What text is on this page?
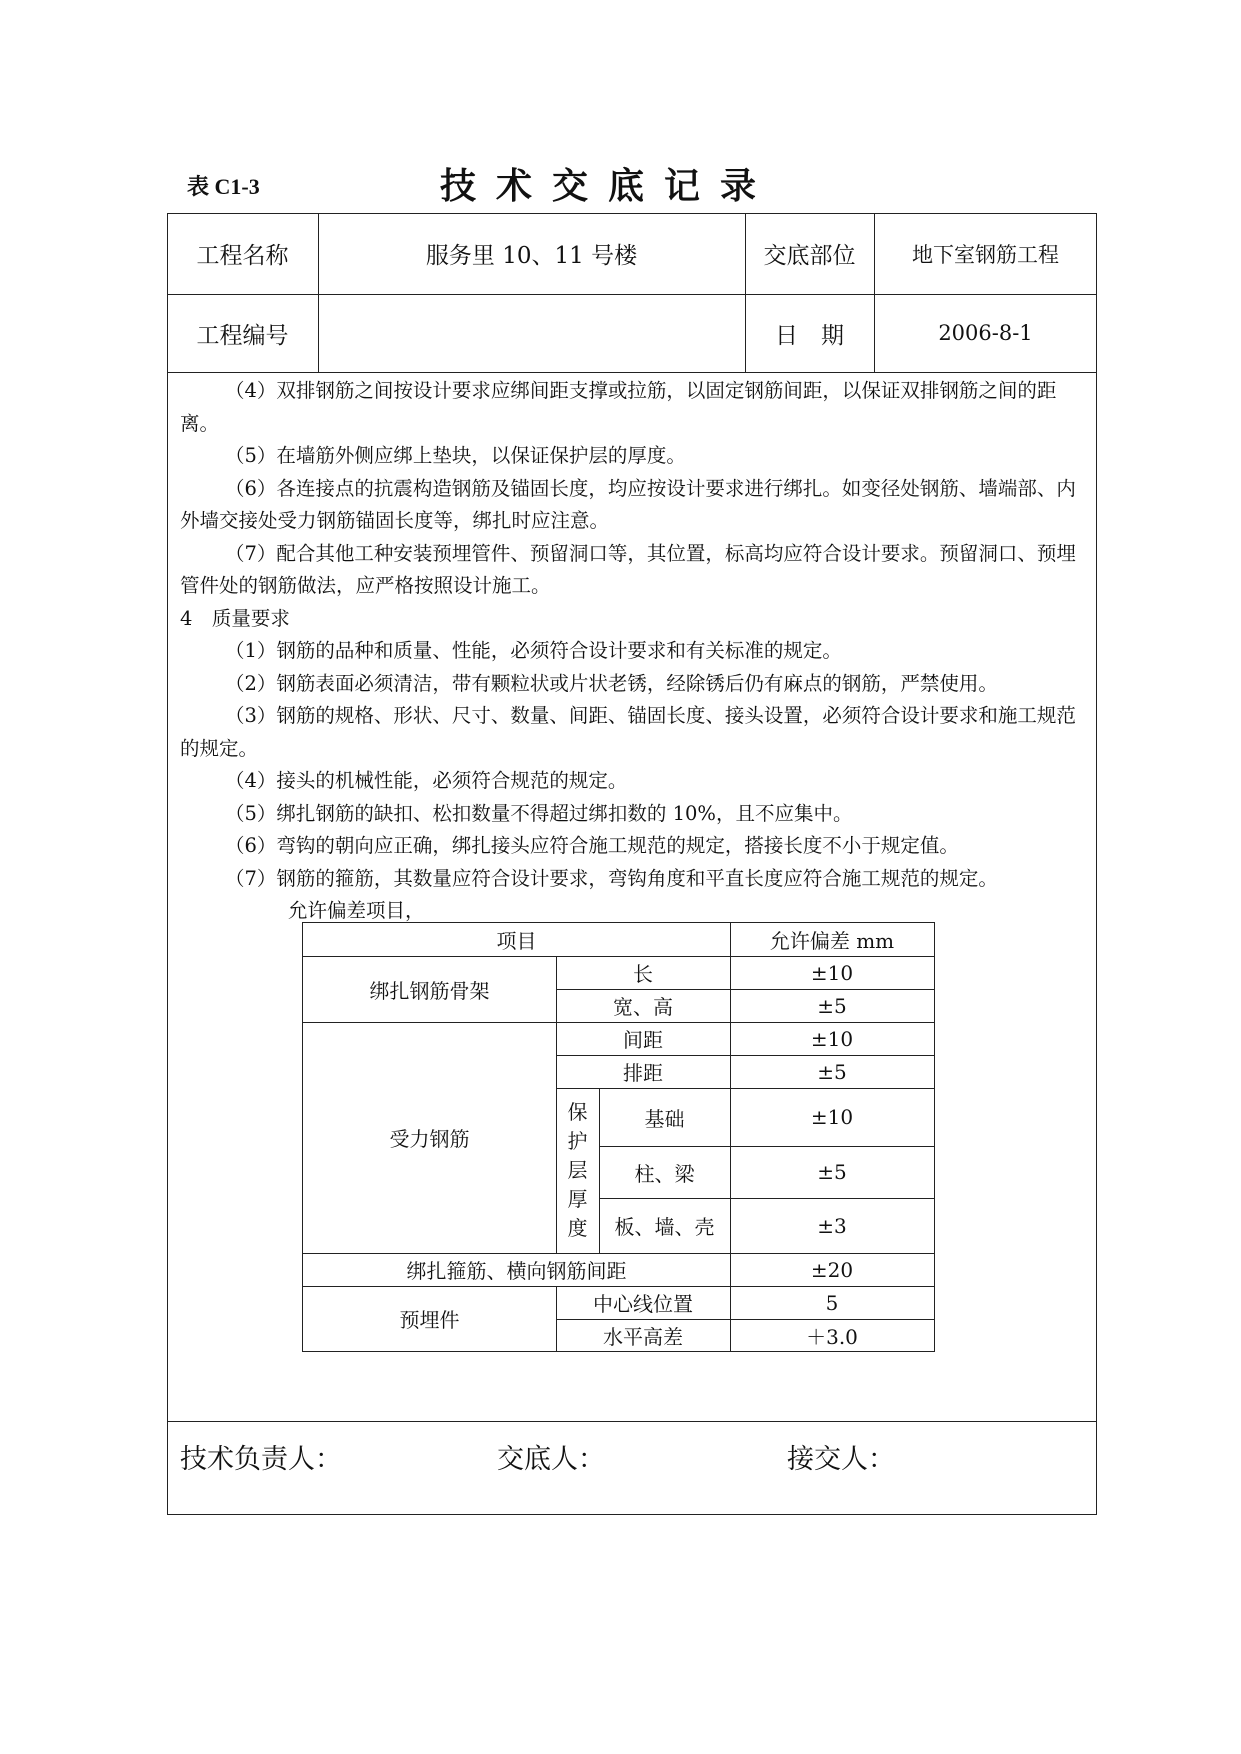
表 C1-3	技术交底记录
工程名称	服务里 10、11 号楼	交底部位	地下室钢筋工程
工程编号	日　期	2006-8-1

（4）双排钢筋之间按设计要求应绑间距支撑或拉筋，以固定钢筋间距，以保证双排钢筋之间的距离。

（5）在墙筋外侧应绑上垫块，以保证保护层的厚度。

（6）各连接点的抗震构造钢筋及锚固长度，均应按设计要求进行绑扎。如变径处钢筋、墙端部、内外墙交接处受力钢筋锚固长度等，绑扎时应注意。

（7）配合其他工种安装预埋管件、预留洞口等，其位置，标高均应符合设计要求。预留洞口、预埋管件处的钢筋做法，应严格按照设计施工。

4　质量要求

（1）钢筋的品种和质量、性能，必须符合设计要求和有关标准的规定。

（2）钢筋表面必须清洁，带有颗粒状或片状老锈，经除锈后仍有麻点的钢筋，严禁使用。

（3）钢筋的规格、形状、尺寸、数量、间距、锚固长度、接头设置，必须符合设计要求和施工规范的规定。

（4）接头的机械性能，必须符合规范的规定。

（5）绑扎钢筋的缺扣、松扣数量不得超过绑扣数的 10%，且不应集中。

（6）弯钩的朝向应正确，绑扎接头应符合施工规范的规定，搭接长度不小于规定值。

（7）钢筋的箍筋，其数量应符合设计要求，弯钩角度和平直长度应符合施工规范的规定。

允许偏差项目，

项目	允许偏差 mm
绑扎钢筋骨架
长	±10
宽、高	±5
受力钢筋
间距	±10
排距	±5
保
护
层
厚
度
基础	±10
柱、梁	±5
板、墙、壳	±3
绑扎箍筋、横向钢筋间距	±20
预埋件
中心线位置	5
水平高差	＋3.0
技术负责人：	交底人：	接交人：
